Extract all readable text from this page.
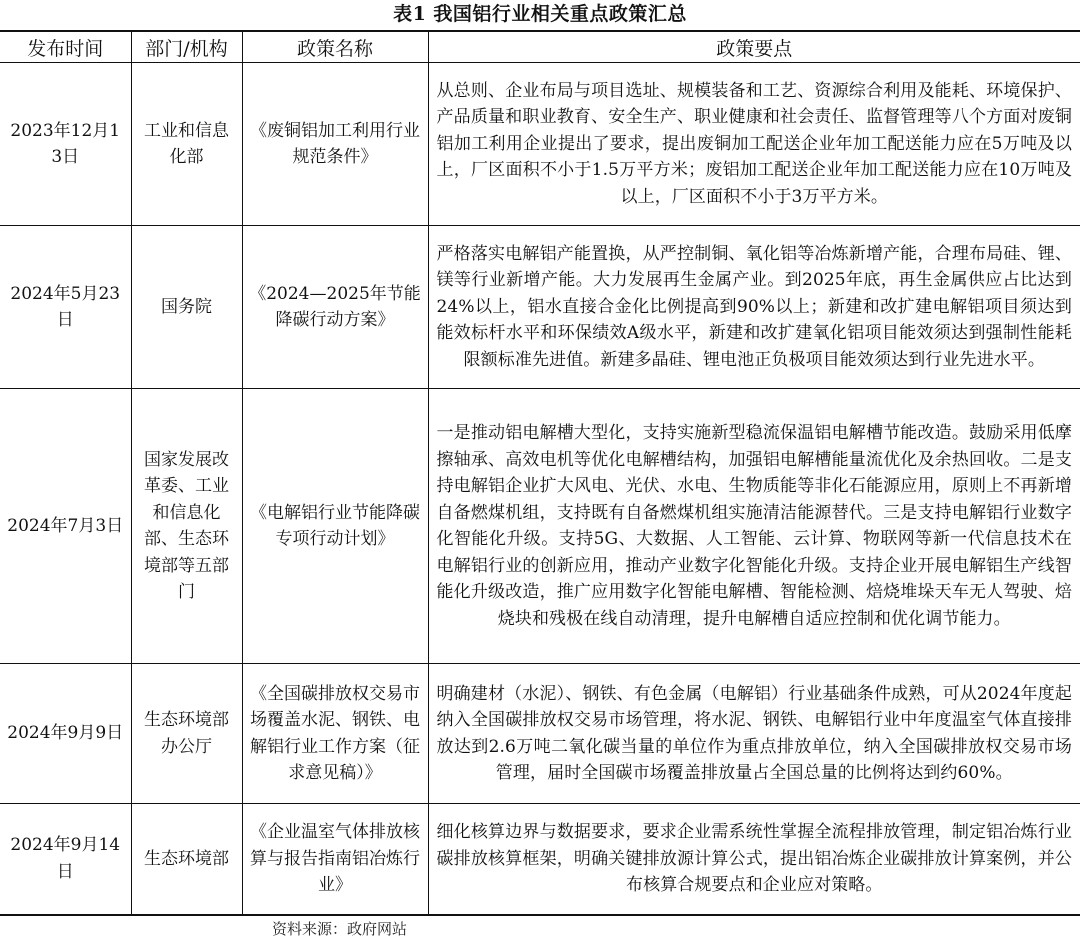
表1 我国铝行业相关重点政策汇总
发布时间	部门/机构	政策名称	政策要点
2023年12月13日	工业和信息化部	《废铜铝加工利用行业规范条件》	从总则、企业布局与项目选址、规模装备和工艺、资源综合利用及能耗、环境保护、产品质量和职业教育、安全生产、职业健康和社会责任、监督管理等八个方面对废铜铝加工利用企业提出了要求，提出废铜加工配送企业年加工配送能力应在5万吨及以上，厂区面积不小于1.5万平方米；废铝加工配送企业年加工配送能力应在10万吨及以上，厂区面积不小于3万平方米。
2024年5月23日	国务院	《2024—2025年节能降碳行动方案》	严格落实电解铝产能置换，从严控制铜、氧化铝等冶炼新增产能，合理布局硅、锂、镁等行业新增产能。大力发展再生金属产业。到2025年底，再生金属供应占比达到24%以上，铝水直接合金化比例提高到90%以上；新建和改扩建电解铝项目须达到能效标杆水平和环保绩效A级水平，新建和改扩建氧化铝项目能效须达到强制性能耗限额标准先进值。新建多晶硅、锂电池正负极项目能效须达到行业先进水平。
2024年7月3日	国家发展改革委、工业和信息化部、生态环境部等五部门	《电解铝行业节能降碳专项行动计划》	一是推动铝电解槽大型化，支持实施新型稳流保温铝电解槽节能改造。鼓励采用低摩擦轴承、高效电机等优化电解槽结构，加强铝电解槽能量流优化及余热回收。二是支持电解铝企业扩大风电、光伏、水电、生物质能等非化石能源应用，原则上不再新增自备燃煤机组，支持既有自备燃煤机组实施清洁能源替代。三是支持电解铝行业数字化智能化升级。支持5G、大数据、人工智能、云计算、物联网等新一代信息技术在电解铝行业的创新应用，推动产业数字化智能化升级。支持企业开展电解铝生产线智能化升级改造，推广应用数字化智能电解槽、智能检测、焙烧堆垛天车无人驾驶、焙烧块和残极在线自动清理，提升电解槽自适应控制和优化调节能力。
2024年9月9日	生态环境部办公厅	《全国碳排放权交易市场覆盖水泥、钢铁、电解铝行业工作方案（征求意见稿）》	明确建材（水泥）、钢铁、有色金属（电解铝）行业基础条件成熟，可从2024年度起纳入全国碳排放权交易市场管理，将水泥、钢铁、电解铝行业中年度温室气体直接排放达到2.6万吨二氧化碳当量的单位作为重点排放单位，纳入全国碳排放权交易市场管理，届时全国碳市场覆盖排放量占全国总量的比例将达到约60%。
2024年9月14日	生态环境部	《企业温室气体排放核算与报告指南铝冶炼行业》	细化核算边界与数据要求，要求企业需系统性掌握全流程排放管理，制定铝冶炼行业碳排放核算框架，明确关键排放源计算公式，提出铝冶炼企业碳排放计算案例，并公布核算合规要点和企业应对策略。
资料来源：政府网站
